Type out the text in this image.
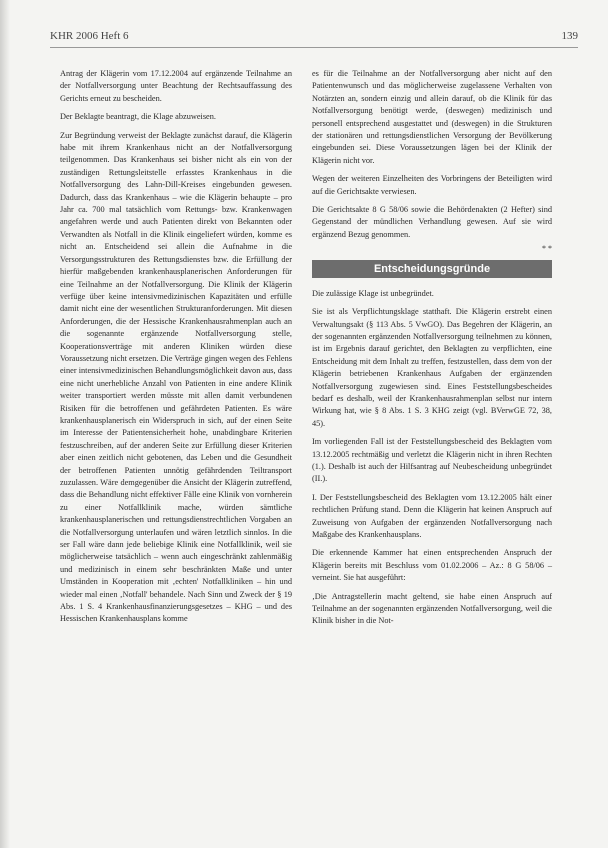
KHR 2006 Heft 6	139

Antrag der Klägerin vom 17.12.2004 auf ergänzende Teilnahme an der Notfallversorgung unter Beachtung der Rechtsauffassung des Gerichts erneut zu bescheiden.

Der Beklagte beantragt, die Klage abzuweisen.

Zur Begründung verweist der Beklagte zunächst darauf, die Klägerin habe mit ihrem Krankenhaus nicht an der Notfallversorgung teilgenommen. Das Krankenhaus sei bisher nicht als ein von der zuständigen Rettungsleitstelle erfasstes Krankenhaus in die Notfallversorgung des Lahn-Dill-Kreises eingebunden gewesen. Dadurch, dass das Krankenhaus – wie die Klägerin behaupte – pro Jahr ca. 700 mal tatsächlich vom Rettungs- bzw. Krankenwagen angefahren werde und auch Patienten direkt von Bekannten oder Verwandten als Notfall in die Klinik eingeliefert würden, komme es nicht an. Entscheidend sei allein die Aufnahme in die Versorgungsstrukturen des Rettungsdienstes bzw. die Erfüllung der hierfür maßgebenden krankenhausplanerischen Anforderungen für eine Teilnahme an der Notfallversorgung. Die Klinik der Klägerin verfüge über keine intensivmedizinischen Kapazitäten und erfülle damit nicht eine der wesentlichen Strukturanforderungen. Mit diesen Anforderungen, die der Hessische Krankenhausrahmenplan auch an die sogenannte ergänzende Notfallversorgung stelle, Kooperationsverträge mit anderen Kliniken würden diese Voraussetzung nicht ersetzen. Die Verträge gingen wegen des Fehlens einer intensivmedizinischen Behandlungsmöglichkeit davon aus, dass eine nicht unerhebliche Anzahl von Patienten in eine andere Klinik weiter transportiert werden müsste mit allen damit verbundenen Risiken für die betroffenen und gefährdeten Patienten. Es wäre krankenhausplanerisch ein Widerspruch in sich, auf der einen Seite im Interesse der Patientensicherheit hohe, unabdingbare Kriterien festzuschreiben, auf der anderen Seite zur Erfüllung dieser Kriterien aber einen zeitlich nicht gebotenen, das Leben und die Gesundheit der betroffenen Patienten unnötig gefährdenden Teiltransport zuzulassen. Wäre demgegenüber die Ansicht der Klägerin zutreffend, dass die Behandlung nicht effektiver Fälle eine Klinik von vornherein zu einer Notfallklinik mache, würden sämtliche krankenhausplanerischen und rettungsdienstrechtlichen Vorgaben an die Notfallversorgung unterlaufen und wären letztlich sinnlos. In die ser Fall wäre dann jede beliebige Klinik eine Notfallklinik, weil sie möglicherweise tatsächlich – wenn auch eingeschränkt zahlenmäßig und medizinisch in einem sehr beschränkten Maße und unter Umständen in Kooperation mit ‚echten' Notfallkliniken – hin und wieder mal einen ‚Notfall' behandele. Nach Sinn und Zweck der § 19 Abs. 1 S. 4 Krankenhausfinanzierungsgesetzes – KHG – und des Hessischen Krankenhausplans komme

es für die Teilnahme an der Notfallversorgung aber nicht auf den Patientenwunsch und das möglicherweise zugelassene Verhalten von Notärzten an, sondern einzig und allein darauf, ob die Klinik für das Notfallversorgung benötigt werde, (deswegen) medizinisch und personell entsprechend ausgestattet und (deswegen) in die Strukturen der stationären und rettungsdienstlichen Versorgung der Bevölkerung eingebunden sei. Diese Voraussetzungen lägen bei der Klinik der Klägerin nicht vor.

Wegen der weiteren Einzelheiten des Vorbringens der Beteiligten wird auf die Gerichtsakte verwiesen.

Die Gerichtsakte 8 G 58/06 sowie die Behördenakten (2 Hefter) sind Gegenstand der mündlichen Verhandlung gewesen. Auf sie wird ergänzend Bezug genommen.

* *
Entscheidungsgründe

Die zulässige Klage ist unbegründet.

Sie ist als Verpflichtungsklage statthaft. Die Klägerin erstrebt einen Verwaltungsakt (§ 113 Abs. 5 VwGO). Das Begehren der Klägerin, an der sogenannten ergänzenden Notfallversorgung teilnehmen zu können, ist im Ergebnis darauf gerichtet, den Beklagten zu verpflichten, eine Entscheidung mit dem Inhalt zu treffen, festzustellen, dass dem von der Klägerin betriebenen Krankenhaus Aufgaben der ergänzenden Notfallversorgung zugewiesen sind. Eines Feststellungsbescheides bedarf es deshalb, weil der Krankenhausrahmenplan selbst nur intern Wirkung hat, wie § 8 Abs. 1 S. 3 KHG zeigt (vgl. BVerwGE 72, 38, 45).

Im vorliegenden Fall ist der Feststellungsbescheid des Beklagten vom 13.12.2005 rechtmäßig und verletzt die Klägerin nicht in ihren Rechten (1.). Deshalb ist auch der Hilfsantrag auf Neubescheidung unbegründet (II.).

I. Der Feststellungsbescheid des Beklagten vom 13.12.2005 hält einer rechtlichen Prüfung stand. Denn die Klägerin hat keinen Anspruch auf Zuweisung von Aufgaben der ergänzenden Notfallversorgung nach Maßgabe des Krankenhausplans.

Die erkennende Kammer hat einen entsprechenden Anspruch der Klägerin bereits mit Beschluss vom 01.02.2006 – Az.: 8 G 58/06 – verneint. Sie hat ausgeführt:

‚Die Antragstellerin macht geltend, sie habe einen Anspruch auf Teilnahme an der sogenannten ergänzenden Notfallversorgung, weil die Klinik bisher in die Not-
